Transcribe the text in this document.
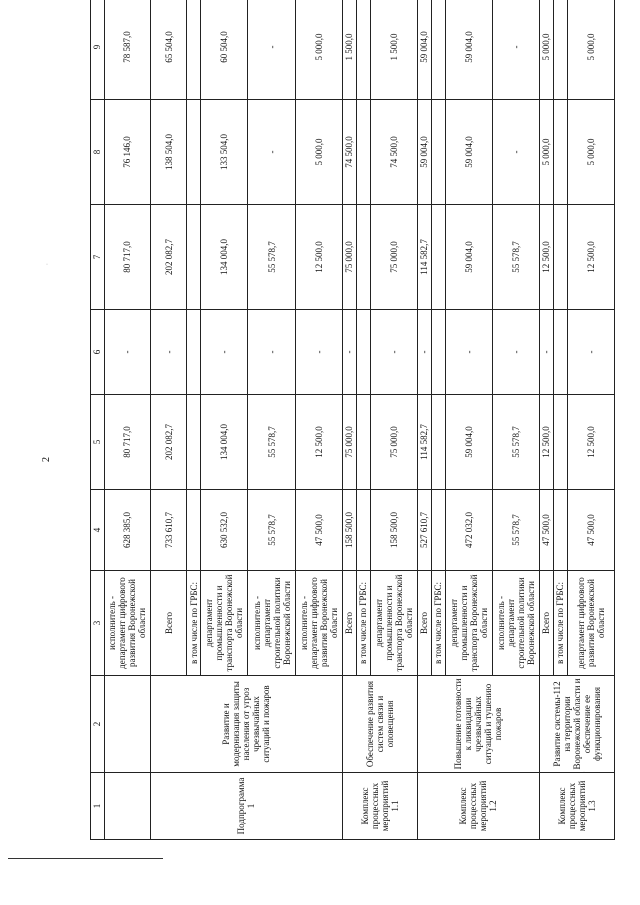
2
·
·
1	2	3	4	5	6	7	8	9
		исполнитель - департамент цифрового развития Воронежской области	628 385,0	80 717,0	-	80 717,0	76 146,0	78 587,0
Подпрограмма 1	Развитие и модернизация защиты населения от угроз чрезвычайных ситуаций и пожаров	Всего	733 610,7	202 082,7	-	202 082,7	138 504,0	65 504,0
		в том числе по ГРБС:						
		департамент промышленности и транспорта Воронежской области	630 532,0	134 004,0	-	134 004,0	133 504,0	60 504,0
		исполнитель - департамент строительной политики Воронежской области	55 578,7	55 578,7	-	55 578,7	-	-
		исполнитель - департамент цифрового развития Воронежской области	47 500,0	12 500,0	-	12 500,0	5 000,0	5 000,0
Комплекс процессных мероприятий 1.1	Обеспечение развития систем связи и оповещения	Всего	158 500,0	75 000,0	-	75 000,0	74 500,0	1 500,0
		в том числе по ГРБС:						
		департамент промышленности и транспорта Воронежской области	158 500,0	75 000,0	-	75 000,0	74 500,0	1 500,0
Комплекс процессных мероприятий 1.2	Повышение готовности к ликвидации чрезвычайных ситуаций и тушению пожаров	Всего	527 610,7	114 582,7	-	114 582,7	59 004,0	59 004,0
		в том числе по ГРБС:						
		департамент промышленности и транспорта Воронежской области	472 032,0	59 004,0	-	59 004,0	59 004,0	59 004,0
		исполнитель - департамент строительной политики Воронежской области	55 578,7	55 578,7	-	55 578,7	-	-
Комплекс процессных мероприятий 1.3	Развитие системы-112 на территории Воронежской области и обеспечение ее функционирования	Всего	47 500,0	12 500,0	-	12 500,0	5 000,0	5 000,0
		в том числе по ГРБС:						
		департамент цифрового развития Воронежской области	47 500,0	12 500,0	-	12 500,0	5 000,0	5 000,0
